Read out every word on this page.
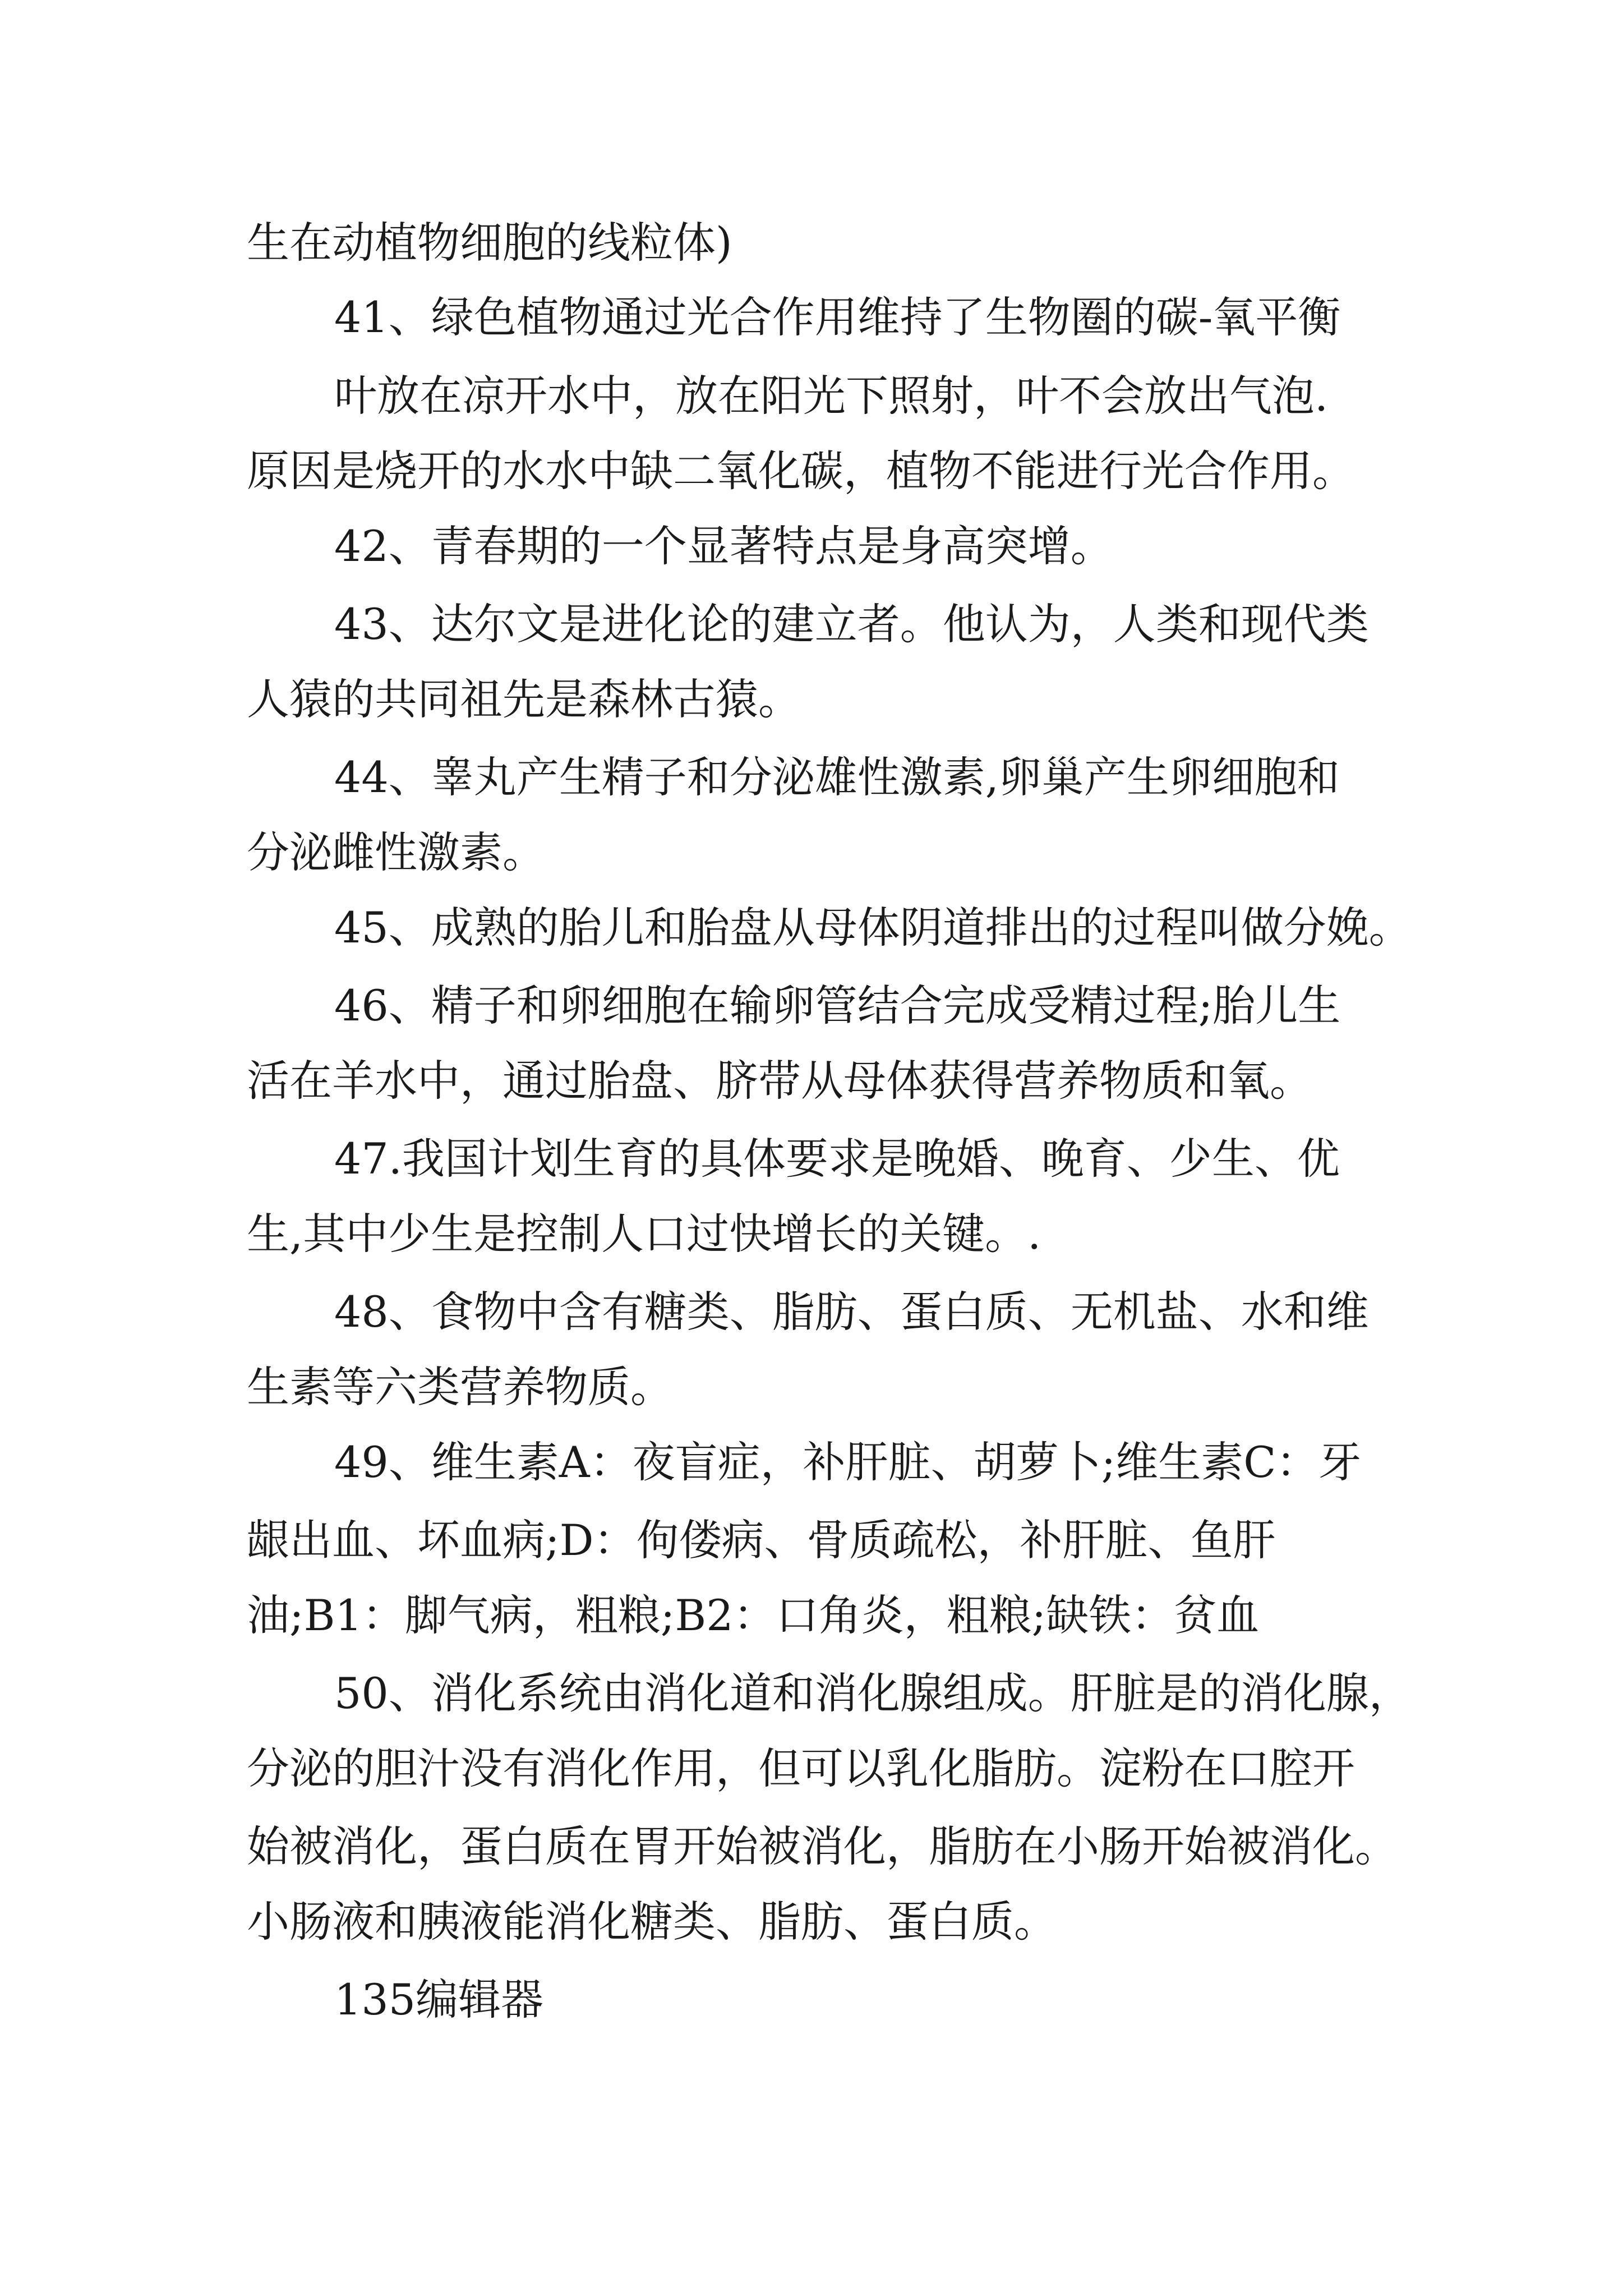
生在动植物细胞的线粒体)

41、绿色植物通过光合作用维持了生物圈的碳-氧平衡

叶放在凉开水中，放在阳光下照射，叶不会放出气泡.

原因是烧开的水水中缺二氧化碳，植物不能进行光合作用。

42、青春期的一个显著特点是身高突增。

43、达尔文是进化论的建立者。他认为，人类和现代类

人猿的共同祖先是森林古猿。

44、睾丸产生精子和分泌雄性激素,卵巢产生卵细胞和

分泌雌性激素。

45、成熟的胎儿和胎盘从母体阴道排出的过程叫做分娩。

46、精子和卵细胞在输卵管结合完成受精过程;胎儿生

活在羊水中，通过胎盘、脐带从母体获得营养物质和氧。

47.我国计划生育的具体要求是晚婚、晚育、少生、优

生,其中少生是控制人口过快增长的关键。.

48、食物中含有糖类、脂肪、蛋白质、无机盐、水和维

生素等六类营养物质。

49、维生素A：夜盲症，补肝脏、胡萝卜;维生素C：牙

龈出血、坏血病;D：佝偻病、骨质疏松，补肝脏、鱼肝

油;B1：脚气病，粗粮;B2：口角炎，粗粮;缺铁：贫血

50、消化系统由消化道和消化腺组成。肝脏是的消化腺，

分泌的胆汁没有消化作用，但可以乳化脂肪。淀粉在口腔开

始被消化，蛋白质在胃开始被消化，脂肪在小肠开始被消化。

小肠液和胰液能消化糖类、脂肪、蛋白质。

135编辑器
